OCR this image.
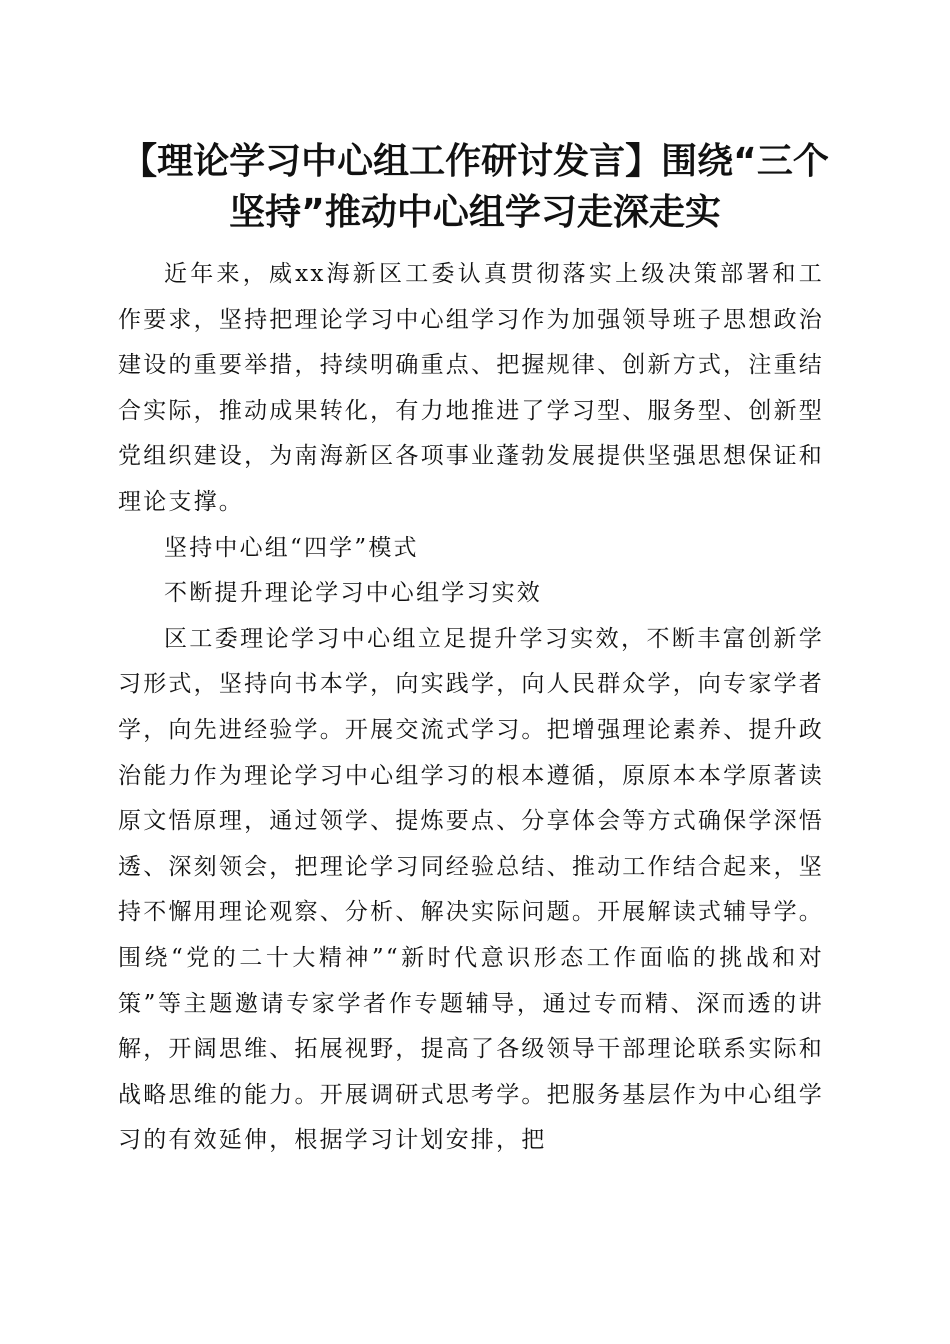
【理论学习中心组工作研讨发言】围绕“三个
坚持”推动中心组学习走深走实

近年来，威xx海新区工委认真贯彻落实上级决策部署和工作要求，坚持把理论学习中心组学习作为加强领导班子思想政治建设的重要举措，持续明确重点、把握规律、创新方式，注重结合实际，推动成果转化，有力地推进了学习型、服务型、创新型党组织建设，为南海新区各项事业蓬勃发展提供坚强思想保证和理论支撑。

坚持中心组“四学”模式

不断提升理论学习中心组学习实效

区工委理论学习中心组立足提升学习实效，不断丰富创新学习形式，坚持向书本学，向实践学，向人民群众学，向专家学者学，向先进经验学。开展交流式学习。把增强理论素养、提升政治能力作为理论学习中心组学习的根本遵循，原原本本学原著读原文悟原理，通过领学、提炼要点、分享体会等方式确保学深悟透、深刻领会，把理论学习同经验总结、推动工作结合起来，坚持不懈用理论观察、分析、解决实际问题。开展解读式辅导学。围绕“党的二十大精神”“新时代意识形态工作面临的挑战和对策”等主题邀请专家学者作专题辅导，通过专而精、深而透的讲解，开阔思维、拓展视野，提高了各级领导干部理论联系实际和战略思维的能力。开展调研式思考学。把服务基层作为中心组学习的有效延伸，根据学习计划安排，把
